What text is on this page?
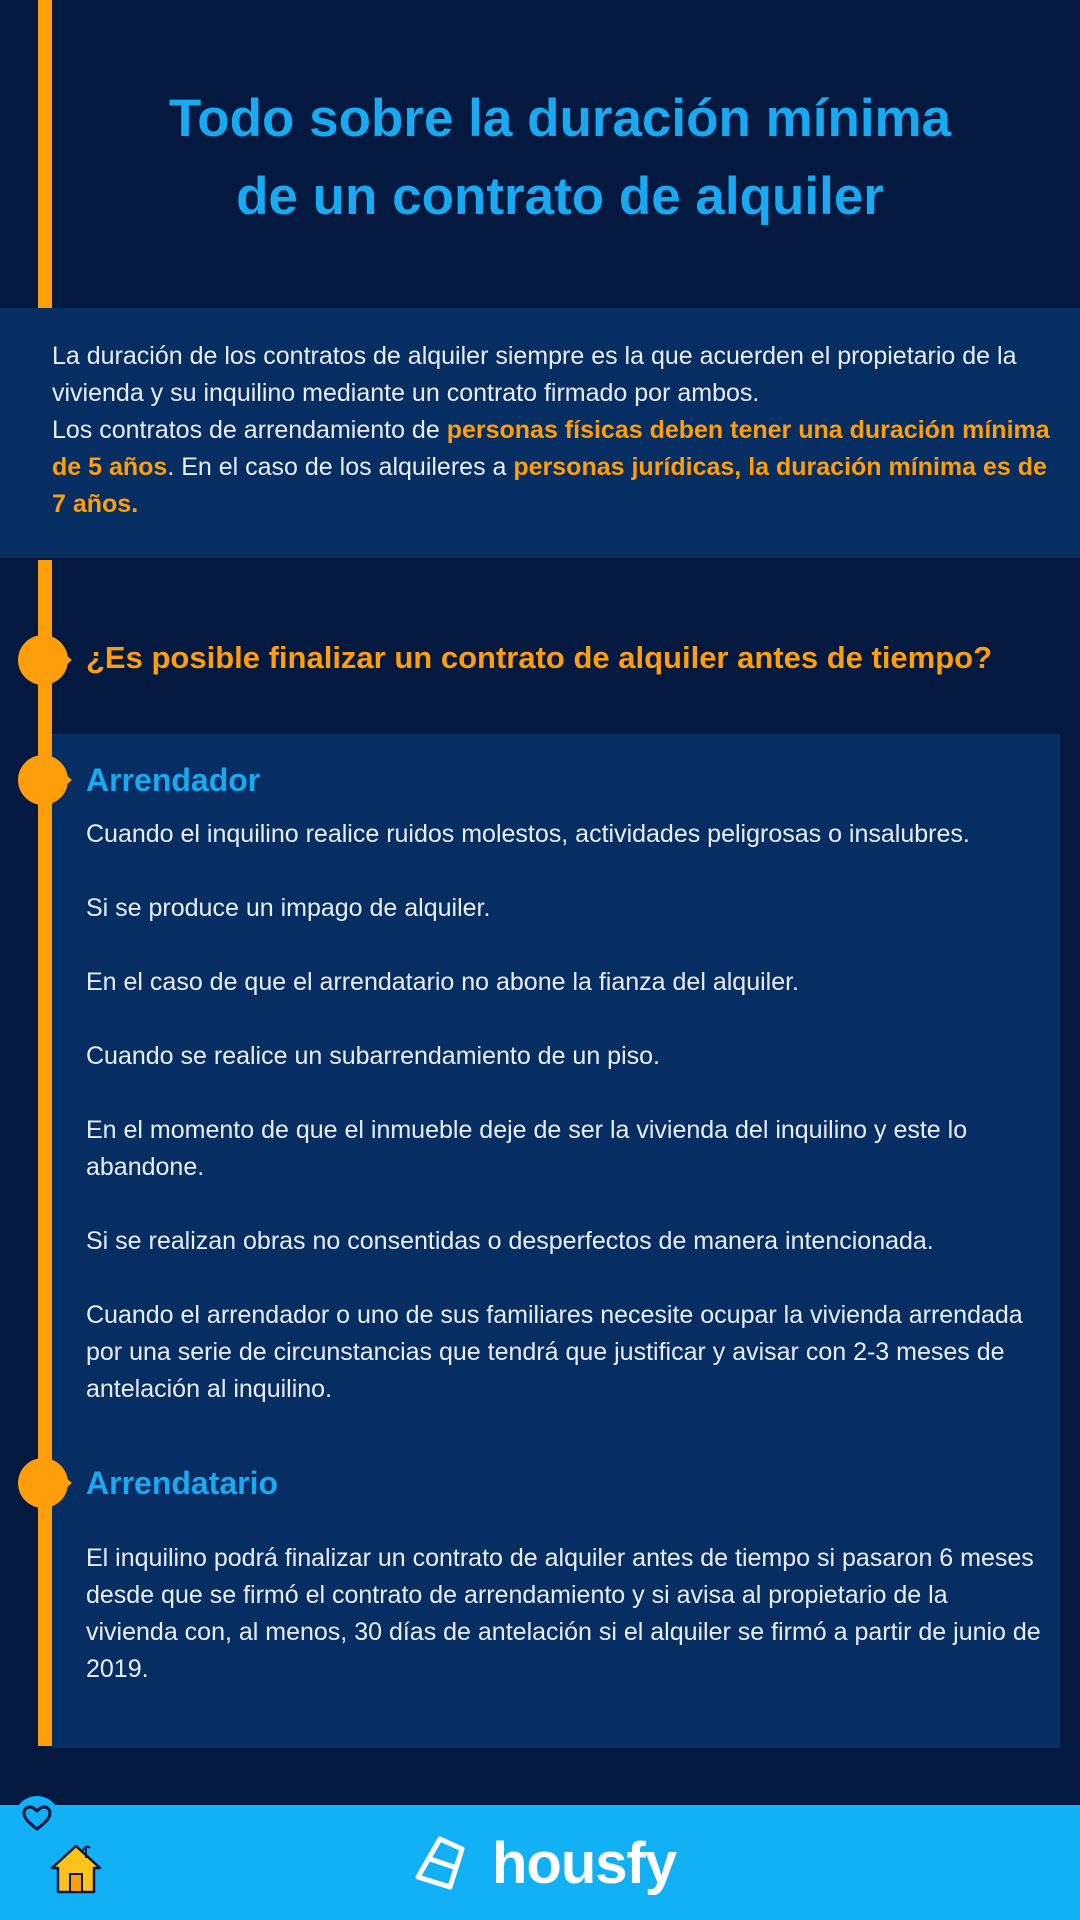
Todo sobre la duración mínima
de un contrato de alquiler
La duración de los contratos de alquiler siempre es la que acuerden el propietario de la vivienda y su inquilino mediante un contrato firmado por ambos.
Los contratos de arrendamiento de personas físicas deben tener una duración mínima de 5 años. En el caso de los alquileres a personas jurídicas, la duración mínima es de 7 años.
¿Es posible finalizar un contrato de alquiler antes de tiempo?
Arrendador
Cuando el inquilino realice ruidos molestos, actividades peligrosas o insalubres.
Si se produce un impago de alquiler.
En el caso de que el arrendatario no abone la fianza del alquiler.
Cuando se realice un subarrendamiento de un piso.
En el momento de que el inmueble deje de ser la vivienda del inquilino y este lo abandone.
Si se realizan obras no consentidas o desperfectos de manera intencionada.
Cuando el arrendador o uno de sus familiares necesite ocupar la vivienda arrendada por una serie de circunstancias que tendrá que justificar y avisar con 2-3 meses de antelación al inquilino.
Arrendatario

El inquilino podrá finalizar un contrato de alquiler antes de tiempo si pasaron 6 meses desde que se firmó el contrato de arrendamiento y si avisa al propietario de la vivienda con, al menos, 30 días de antelación si el alquiler se firmó a partir de junio de 2019.

housfy
